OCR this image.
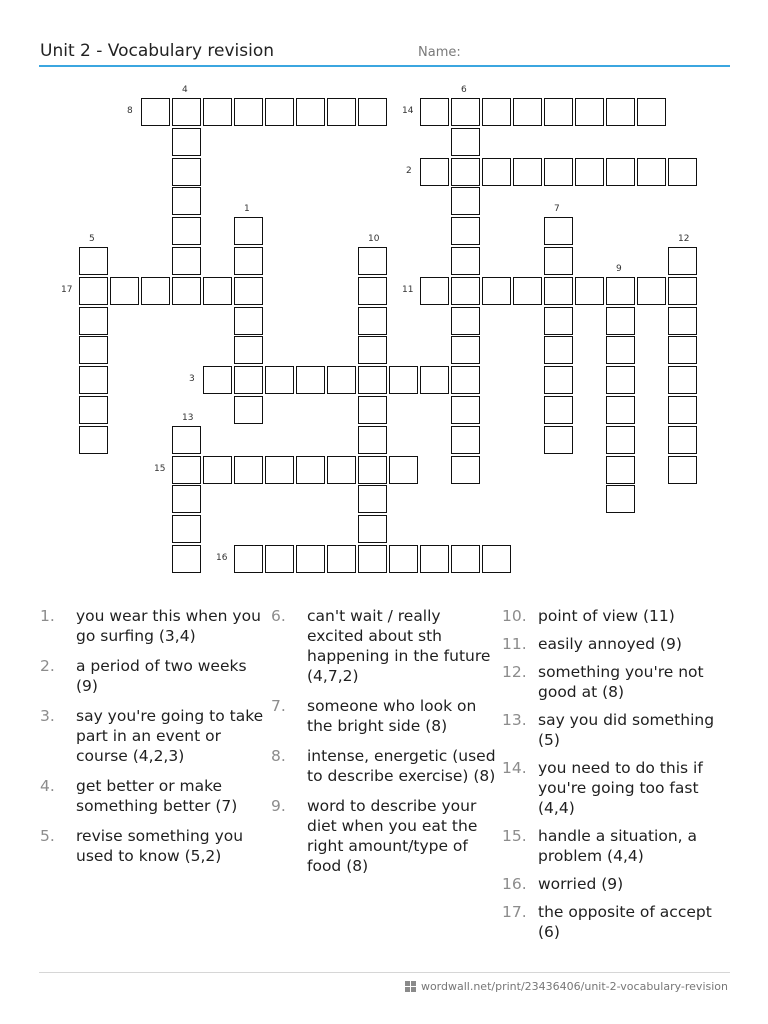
Unit 2 - Vocabulary revision	Name:
8	14
2
17	11
3
15
16
4	6
1	7
5	10	12
9
13
1.	you wear this when you go surfing (3,4)
2.	a period of two weeks (9)
3.	say you're going to take part in an event or course (4,2,3)
4.	get better or make something better (7)
5.	revise something you used to know (5,2)
6.	can't wait / really excited about sth happening in the future (4,7,2)
7.	someone who look on the bright side (8)
8.	intense, energetic (used to describe exercise) (8)
9.	word to describe your diet when you eat the right amount/type of food (8)
10. point of view (11)
11. easily annoyed (9)
12. something you're not good at (8)
13. say you did something (5)
14. you need to do this if you're going too fast (4,4)
15. handle a situation, a problem (4,4)
16. worried (9)
17. the opposite of accept (6)
wordwall.net/print/23436406/unit-2-vocabulary-revision
